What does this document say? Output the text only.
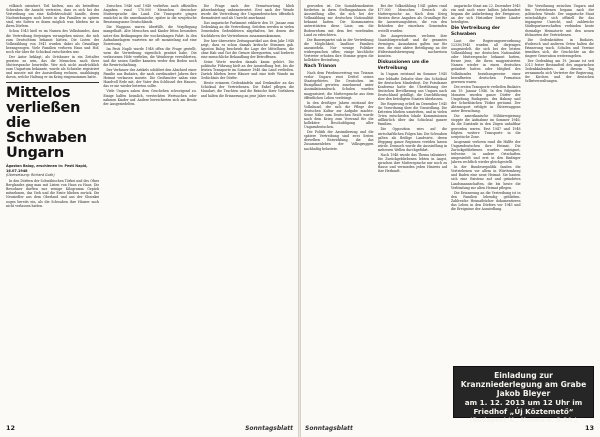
völkisch orientiert. Teil hielten, was als betroffene Schwaben die Ansicht vertraten, dass es sich bei der Vertreibung um eine Kollektivschuld handle, deren Nachwirkungen noch heute in den Familien zu spüren sind, wie Sofern es ihnen möglich war, blieben sie in ihren Dörfern.

Schon 1945 hieß es im Namen des Volksbundes, dass die Vertreibung derjenigen vorangehen müsse, die sich zum Deutschtum bekannt hätten. Die Listen der Volkszählung von 1941 wurden dabei als Grundlage herangezogen. Viele Familien verloren Haus und Hof, noch ehe über ihr Schicksal entschieden war.

Der Autor beklagt, als Ortsbauer in ein Zeitalter geraten zu sein, das die Menschen nach ihrer Muttersprache beurteilte. Wer sich nicht ausdrücklich zum Ungartum bekannte, wurde als Schwabe registriert und musste mit der Aussiedlung rechnen, unabhängig davon, welche Haltung er im Krieg eingenommen hatte.

Mittelos verließen die Schwaben Ungarn
Ágoston Balog, erschienen in: Pesti Napló, 16.07.1948
(Übersetzung: Richard Guth)

In den Dörfern der Schwäbischen Türkei und des Ofner Berglandes ging man mit Listen von Haus zu Haus. Die Bewohner durften nur wenige Kilogramm Gepäck mitnehmen, das Vieh und die Ernte blieben zurück. Die Neusiedler aus dem Oberland und aus der Slowakei zogen bereits ein, als die Schwaben ihre Häuser noch nicht verlassen hatten.

Zwischen 1946 und 1948 verließen nach offiziellen Angaben rund 170.000 Menschen deutscher Muttersprache das Land. Die Transporte gingen zunächst in die amerikanische, später in die sowjetische Besatzungszone Deutschlands.

Die Waggons waren überfüllt, die Verpflegung mangelhaft. Alte Menschen und Kinder litten besonders unter den Bedingungen der wochenlangen Fahrt. In den Aufnahmelagern warteten sie oft monatelang auf eine Zuweisung.

Im Pesti Napló wurde 1948 offen die Frage gestellt, wem die Vertreibung eigentlich genützt habe. Die verlassenen Höfe verfielen, die Weinberge verwilderten, und die neuen Siedler kannten weder den Boden noch die Bewirtschaftung.

Der Verfasser des Artikels schildert den Abschied einer Familie aus Budaörs, die nach zweihundert Jahren ihre Heimat verlassen musste. Die Großmutter nahm eine Handvoll Erde mit, der Vater den Schlüssel des Hauses, das er nie wieder betreten sollte.

Viele Ungarn sahen dem Geschehen schweigend zu. Einige halfen heimlich, versteckten Wertsachen oder nahmen Kinder auf. Andere bereicherten sich am Besitz der Ausgesiedelten.

Die Frage nach der Verantwortung blieb jahrzehntelang unbeantwortet. Erst nach der Wende wurde die Vertreibung der Ungarndeutschen öffentlich thematisiert und als Unrecht anerkannt.

Das ungarische Parlament erklärte den 19. Januar zum Gedenktag an die Vertreibung. Seitdem werden in vielen Gemeinden Gedenkfeiern abgehalten, bei denen die Nachfahren der Vertriebenen zusammenkommen.

Der hier übersetzte Zeitungsartikel aus dem Jahr 1948 zeigt, dass es schon damals kritische Stimmen gab. Ágoston Balog beschrieb die Lage der Mittellosen, die ohne Hab und Gut die Grenze überquerten, und forderte eine menschliche Behandlung der Betroffenen.

Seine Worte wurden damals kaum gehört. Die politische Führung hielt an der Aussiedlung fest, bis die letzten Transporte im Sommer 1948 das Land verließen. Zurück blieben leere Häuser und eine tiefe Wunde im Gedächtnis der Dörfer.

Heute erinnern Gedenktafeln und Denkmäler an das Schicksal der Vertriebenen. Die Enkel pflegen die Mundart, die Trachten und die Bräuche ihrer Vorfahren und halten die Erinnerung an jene Jahre wach.

12	Sonntagsblatt

geworden ist. Die Sozialdemokraten forderten in ihren Stellungnahmen die Aussiedlung aller, die sich bei der Volkszählung zur deutschen Nationalität bekannt hatten. Die Kommunisten unterstützten diese Linie, um die Bodenreform mit dem frei werdenden Land zu erleichtern.

Die Bauernpartei sah in der Vertreibung die Möglichkeit, landlose Familien anzusiedeln. Nur wenige Politiker widersprachen offen; einige kirchliche Vertreter erhoben ihre Stimme gegen die kollektive Bestrafung.

Nach Trianon

Nach dem Friedensvertrag von Trianon verlor Ungarn zwei Drittel seines Staatsgebietes. Die Deutschen im Rumpfland gerieten zunehmend unter Assimilationsdruck. Schulen wurden magyarisiert, die Muttersprache aus dem öffentlichen Leben verdrängt.

In den dreißiger Jahren entstand der Volksbund, der sich die Pflege der deutschen Kultur zur Aufgabe machte. Seine Nähe zum Deutschen Reich wurde nach dem Krieg zum Vorwand für die kollektive Beschuldigung aller Ungarndeutschen.

Die Politik der Assimilierung und die spätere Vertreibung sind zwei Seiten derselben Entwicklung, die das Zusammenleben der Volksgruppen nachhaltig belastete.

Bei der Volkszählung 1941 gaben rund 477.000 Menschen Deutsch als Muttersprache an. Nach dem Krieg dienten diese Angaben als Grundlage für die Ausweisungslisten, die von den Behörden der einzelnen Gemeinden erstellt wurden.

Die Ausgewiesenen verloren ihre Staatsbürgerschaft und ihr gesamtes Vermögen. Ausnahmen galten nur für jene, die eine aktive Beteiligung an der Widerstandsbewegung nachweisen konnten.

Diskussionen um die Vertreibung

In Ungarn entstand im Sommer 1945 eine lebhafte Debatte über das Schicksal der deutschen Minderheit. Die Potsdamer Konferenz hatte die Überführung der deutschen Bevölkerung aus Ungarn nach Deutschland gebilligt, die Durchführung aber den beteiligten Staaten überlassen.

Die Regierung erließ im Dezember 1945 die Verordnung über die Umsiedlung. Die Kriterien blieben umstritten, und in vielen Orten entschieden lokale Kommissionen willkürlich über das Schicksal ganzer Familien.

Die Opposition wies auf die wirtschaftlichen Folgen hin: Die Schwaben galten als fleißige Landwirte, deren Weggang ganze Regionen veröden lassen würde. Dennoch wurde die Aussiedlung in mehreren Wellen durchgeführt.

Nach 1948 wurde das Thema tabuisiert. Die Zurückgebliebenen lebten in Angst, sprachen ihre Muttersprache nur noch zu Hause und vermieden jeden Hinweis auf ihre Herkunft.

ungarische Staat am 22. Dezember 1945 ein und nach einer halben Jahrhundert begann die Aufarbeitung der Ereignisse, an der sich Historiker beider Länder beteiligten.

Die Vertreibung der Schwaben

Laut der Regierungsverordnung 12330/1945 wurden all diejenigen ausgesiedelt, die sich bei der letzten Volkszählung zur deutschen Nationalität oder Muttersprache bekannt hatten, ferner jene, die ihren magyarisierten Namen wieder in einen deutschen geändert hatten oder Mitglied des Volksbundes beziehungsweise einer bewaffneten deutschen Formation gewesen waren.

Die ersten Transporte verließen Budaörs am 19. Januar 1946. In den folgenden Monaten wurden ganze Dörfer der Umgebung Budapests, des Bakony und der Schwäbischen Türkei geräumt. Der Abtransport erfolgte in Güterwaggons unter Bewachung.

Die amerikanische Militärregierung stoppte die Aufnahme im Sommer 1946, da die Zustände in den Zügen unhaltbar geworden waren. Erst 1947 und 1948 folgten weitere Transporte in die sowjetische Zone.

Insgesamt verloren rund die Hälfte der Ungarndeutschen ihre Heimat. Die Zurückgebliebenen wurden enteignet, teilweise in andere Ortschaften umgesiedelt und erst in den fünfziger Jahren rechtlich wieder gleichgestellt.

In der Bundesrepublik fanden die Vertriebenen vor allem in Württemberg und Baden eine neue Heimat. Sie bauten sich eine Existenz auf und gründeten Landsmannschaften, die bis heute die Verbindung zur alten Heimat pflegen.

Die Erinnerung an die Vertreibung ist in den Familien lebendig geblieben. Zahlreiche Heimatbücher dokumentieren das Leben in den Dörfern vor 1945 und die Ereignisse der Aussiedlung.

Die Versöhnung zwischen Ungarn und den Vertriebenen begann nach der politischen Wende. Der ungarische Staat entschuldigte sich offiziell für das begangene Unrecht, und zahlreiche Städtepartnerschaften verbinden heute ehemalige Heimatorte mit den neuen Wohnorten der Vertriebenen.

Die Gedenkstätten in Budaörs, Wudersch und anderen Orten halten die Erinnerung wach. Schulen und Vereine bemühen sich, die Geschichte an die jüngere Generation weiterzugeben.

Der Gedenktag am 19. Januar ist seit 2013 fester Bestandteil des ungarischen Gedenkkalenders. An diesem Tag versammeln sich Vertreter der Regierung, der Kirchen und der deutschen Selbstverwaltungen.

Einladung zur Kranzniederlegung am Grabe Jakob Bleyer
am 1. 12. 2013 um 12 Uhr im Friedhof „Új Köztemető“
(Budapest X., Kozma u. 8-10.)
Sonntagsblatt	13
